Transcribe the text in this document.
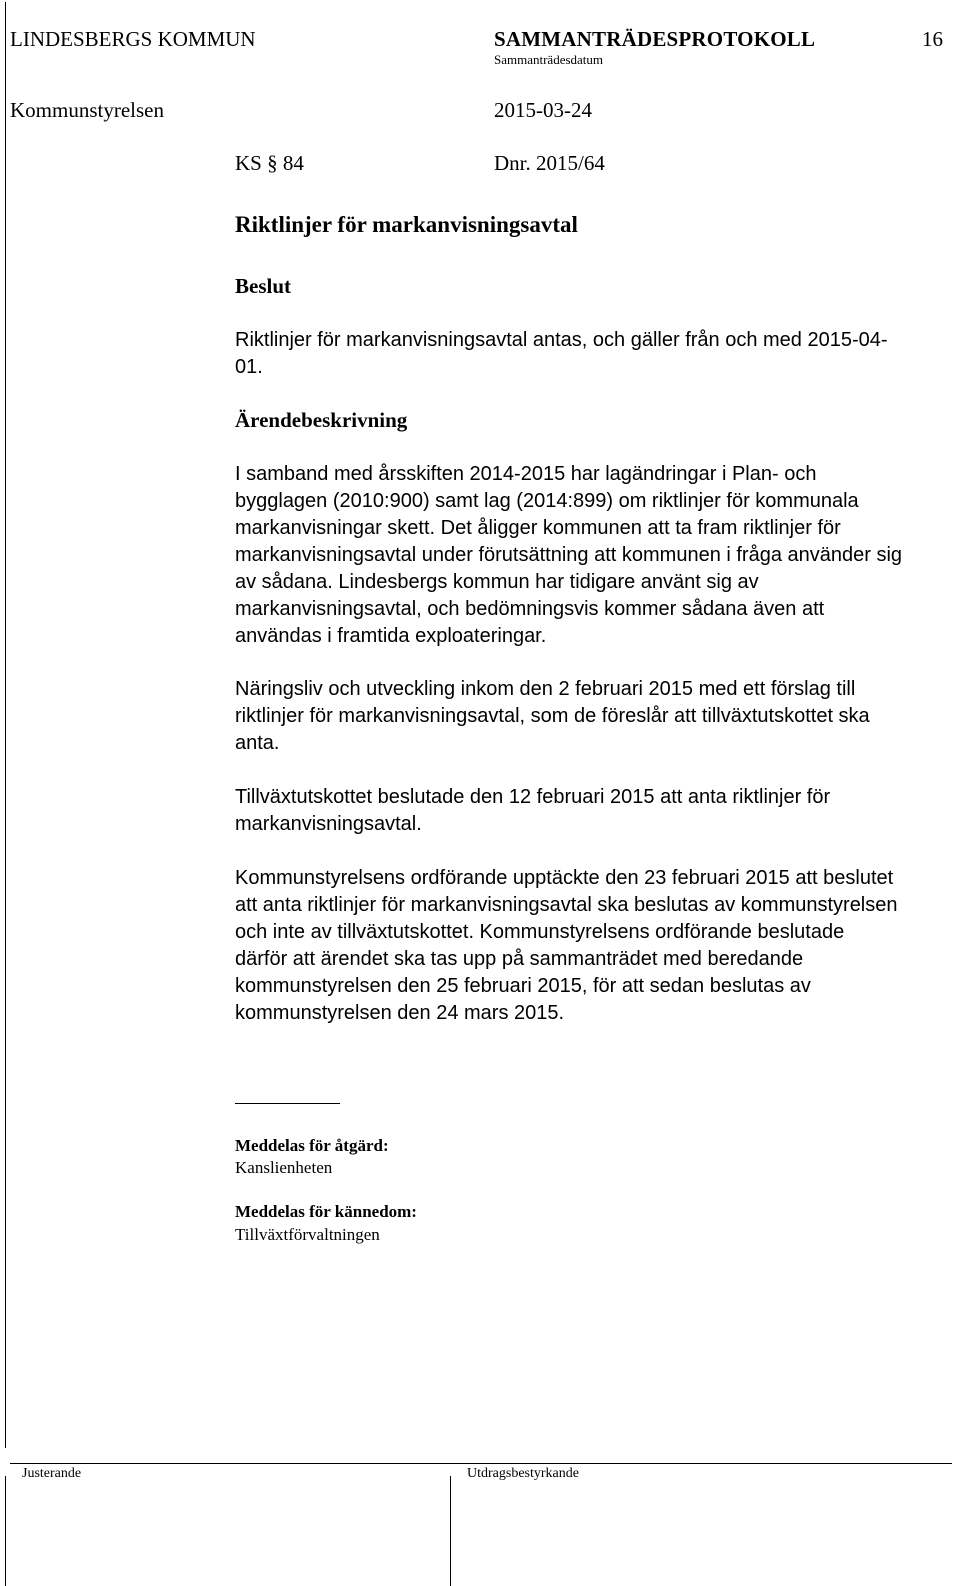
LINDESBERGS KOMMUN	SAMMANTRÄDESPROTOKOLL	16
Sammanträdesdatum
Kommunstyrelsen	2015-03-24
KS § 84	Dnr. 2015/64
Riktlinjer för markanvisningsavtal
Beslut
Riktlinjer för markanvisningsavtal antas, och gäller från och med 2015-04-
01.
Ärendebeskrivning
I samband med årsskiften 2014-2015 har lagändringar i Plan- och
bygglagen (2010:900) samt lag (2014:899) om riktlinjer för kommunala
markanvisningar skett. Det åligger kommunen att ta fram riktlinjer för
markanvisningsavtal under förutsättning att kommunen i fråga använder sig
av sådana. Lindesbergs kommun har tidigare använt sig av
markanvisningsavtal, och bedömningsvis kommer sådana även att
användas i framtida exploateringar.
Näringsliv och utveckling inkom den 2 februari 2015 med ett förslag till
riktlinjer för markanvisningsavtal, som de föreslår att tillväxtutskottet ska
anta.
Tillväxtutskottet beslutade den 12 februari 2015 att anta riktlinjer för
markanvisningsavtal.
Kommunstyrelsens ordförande upptäckte den 23 februari 2015 att beslutet
att anta riktlinjer för markanvisningsavtal ska beslutas av kommunstyrelsen
och inte av tillväxtutskottet. Kommunstyrelsens ordförande beslutade
därför att ärendet ska tas upp på sammanträdet med beredande
kommunstyrelsen den 25 februari 2015, för att sedan beslutas av
kommunstyrelsen den 24 mars 2015.
Meddelas för åtgärd:
Kanslienheten
Meddelas för kännedom:
Tillväxtförvaltningen
Justerande	Utdragsbestyrkande
